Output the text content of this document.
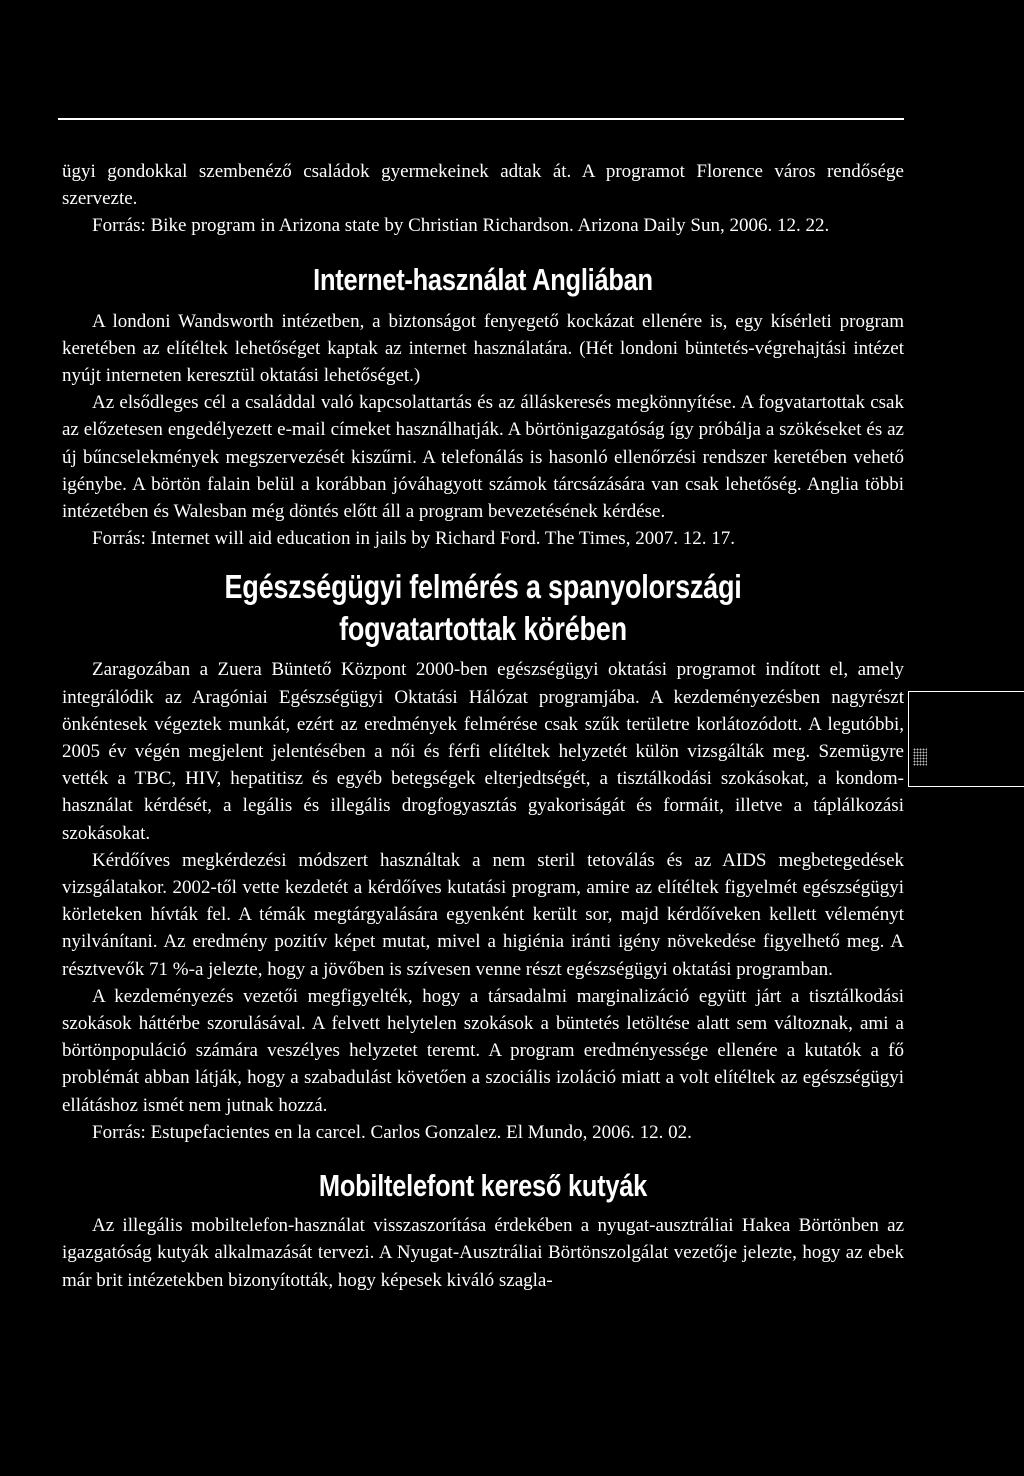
ügyi gondokkal szembenéző családok gyermekeinek adtak át. A programot Florence város rendősége szervezte.

Forrás: Bike program in Arizona state by Christian Richardson. Arizona Daily Sun, 2006. 12. 22.

Internet-használat Angliában

A londoni Wandsworth intézetben, a biztonságot fenyegető kockázat ellenére is, egy kísérleti program keretében az elítéltek lehetőséget kaptak az internet használatára. (Hét londoni büntetés-végrehajtási intézet nyújt interneten keresztül oktatási lehetőséget.)

Az elsődleges cél a családdal való kapcsolattartás és az álláskeresés megkönnyítése. A fogvatartottak csak az előzetesen engedélyezett e-mail címeket használhatják. A börtönigazgatóság így próbálja a szökéseket és az új bűncselekmények megszervezését kiszűrni. A telefonálás is hasonló ellenőrzési rendszer keretében vehető igénybe. A börtön falain belül a korábban jóváhagyott számok tárcsázására van csak lehetőség. Anglia többi intézetében és Walesban még döntés előtt áll a program bevezetésének kérdése.

Forrás: Internet will aid education in jails by Richard Ford. The Times, 2007. 12. 17.

Egészségügyi felmérés a spanyolországi fogvatartottak körében

Zaragozában a Zuera Büntető Központ 2000-ben egészségügyi oktatási programot indított el, amely integrálódik az Aragóniai Egészségügyi Oktatási Hálózat programjába. A kezdeményezésben nagyrészt önkéntesek végeztek munkát, ezért az eredmények felmérése csak szűk területre korlátozódott. A legutóbbi, 2005 év végén megjelent jelentésében a női és férfi elítéltek helyzetét külön vizsgálták meg. Szemügyre vették a TBC, HIV, hepatitisz és egyéb betegségek elterjedtségét, a tisztálkodási szokásokat, a kondom-használat kérdését, a legális és illegális drogfogyasztás gyakoriságát és formáit, illetve a táplálkozási szokásokat.

Kérdőíves megkérdezési módszert használtak a nem steril tetoválás és az AIDS megbetegedések vizsgálatakor. 2002-től vette kezdetét a kérdőíves kutatási program, amire az elítéltek figyelmét egészségügyi körleteken hívták fel. A témák megtárgyalására egyenként került sor, majd kérdőíveken kellett véleményt nyilvánítani. Az eredmény pozitív képet mutat, mivel a higiénia iránti igény növekedése figyelhető meg. A résztvevők 71 %-a jelezte, hogy a jövőben is szívesen venne részt egészségügyi oktatási programban.

A kezdeményezés vezetői megfigyelték, hogy a társadalmi marginalizáció együtt járt a tisztálkodási szokások háttérbe szorulásával. A felvett helytelen szokások a büntetés letöltése alatt sem változnak, ami a börtönpopuláció számára veszélyes helyzetet teremt. A program eredményessége ellenére a kutatók a fő problémát abban látják, hogy a szabadulást követően a szociális izoláció miatt a volt elítéltek az egészségügyi ellátáshoz ismét nem jutnak hozzá.

Forrás: Estupefacientes en la carcel. Carlos Gonzalez. El Mundo, 2006. 12. 02.

Mobiltelefont kereső kutyák

Az illegális mobiltelefon-használat visszaszorítása érdekében a nyugat-ausztráliai Hakea Börtönben az igazgatóság kutyák alkalmazását tervezi. A Nyugat-Ausztráliai Börtönszolgálat vezetője jelezte, hogy az ebek már brit intézetekben bizonyították, hogy képesek kiváló szagla-
